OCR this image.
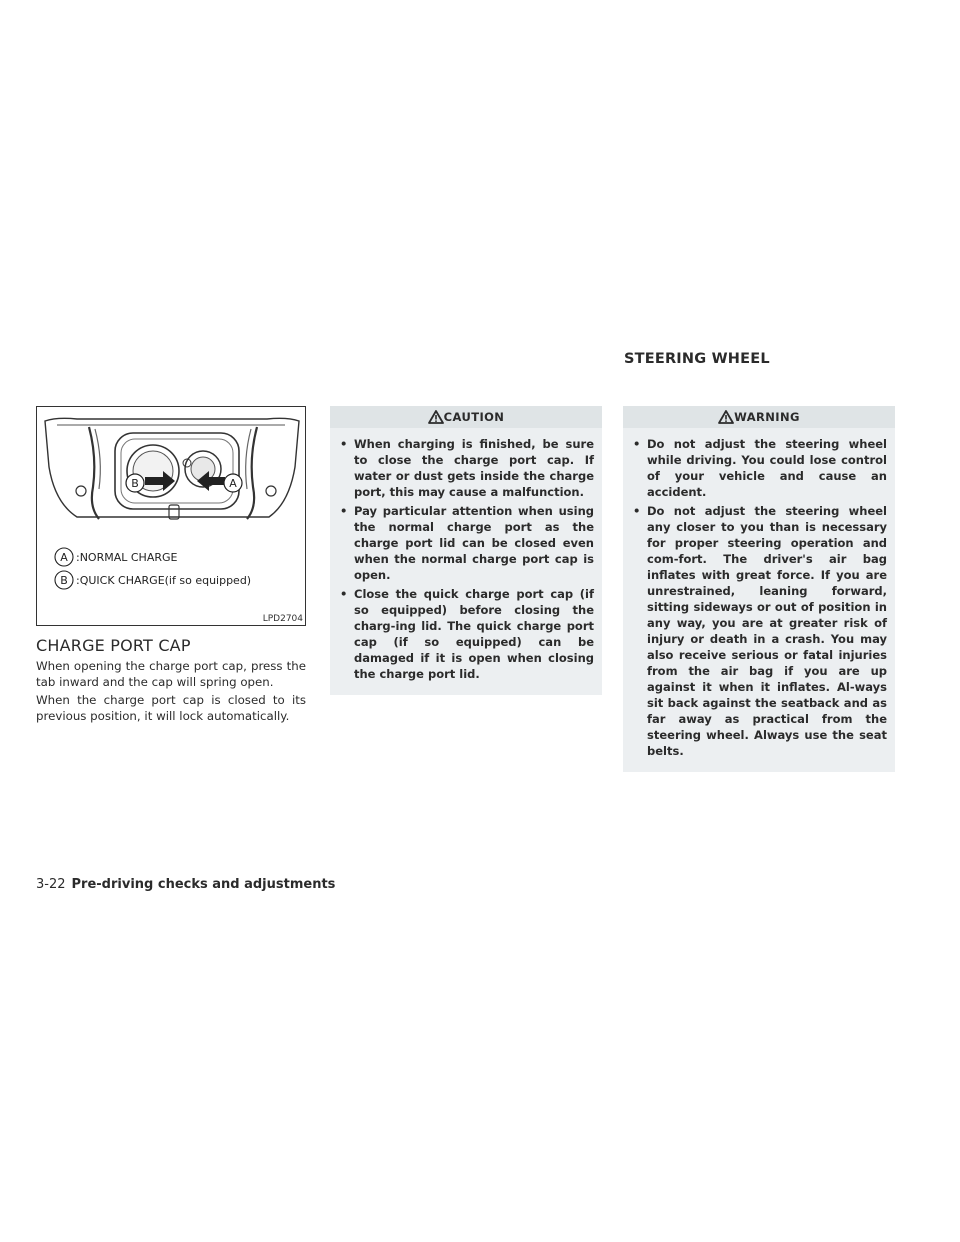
STEERING WHEEL
B	A
A :NORMAL CHARGE
B :QUICK CHARGE(if so equipped)
LPD2704
CHARGE PORT CAP
When opening the charge port cap, press the tab inward and the cap will spring open.
When the charge port cap is closed to its previous position, it will lock automatically.
CAUTION
• When charging is finished, be sure to close the charge port cap. If water or dust gets inside the charge port, this may cause a malfunction.
• Pay particular attention when using the normal charge port as the charge port lid can be closed even when the normal charge port cap is open.
• Close the quick charge port cap (if so equipped) before closing the charg-ing lid. The quick charge port cap (if so equipped) can be damaged if it is open when closing the charge port lid.
WARNING
• Do not adjust the steering wheel while driving. You could lose control of your vehicle and cause an accident.
• Do not adjust the steering wheel any closer to you than is necessary for proper steering operation and com-fort. The driver's air bag inflates with great force. If you are unrestrained, leaning forward, sitting sideways or out of position in any way, you are at greater risk of injury or death in a crash. You may also receive serious or fatal injuries from the air bag if you are up against it when it inflates. Al-ways sit back against the seatback and as far away as practical from the steering wheel. Always use the seat belts.
3-22 Pre-driving checks and adjustments
